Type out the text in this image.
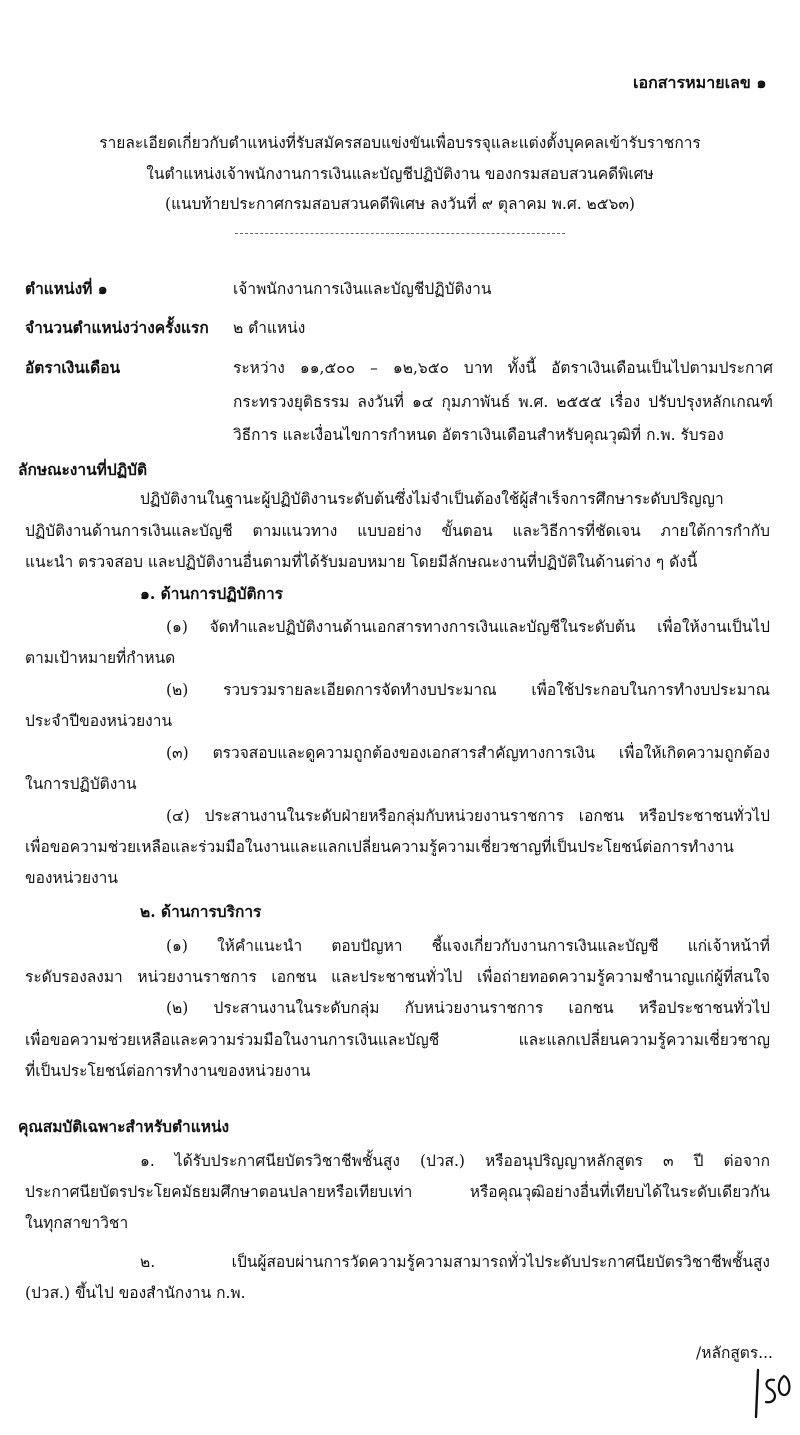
เอกสารหมายเลข ๑
รายละเอียดเกี่ยวกับตำแหน่งที่รับสมัครสอบแข่งขันเพื่อบรรจุและแต่งตั้งบุคคลเข้ารับราชการ
ในตำแหน่งเจ้าพนักงานการเงินและบัญชีปฏิบัติงาน ของกรมสอบสวนคดีพิเศษ
(แนบท้ายประกาศกรมสอบสวนคดีพิเศษ ลงวันที่ ๙ ตุลาคม พ.ศ. ๒๕๖๓)
ตำแหน่งที่ ๑	เจ้าพนักงานการเงินและบัญชีปฏิบัติงาน
จำนวนตำแหน่งว่างครั้งแรก ๒ ตำแหน่ง
อัตราเงินเดือน	ระหว่าง ๑๑,๕๐๐ – ๑๒,๖๕๐ บาท ทั้งนี้ อัตราเงินเดือนเป็นไปตามประกาศ
กระทรวงยุติธรรม ลงวันที่ ๑๔ กุมภาพันธ์ พ.ศ. ๒๕๕๕ เรื่อง ปรับปรุงหลักเกณฑ์
วิธีการ และเงื่อนไขการกำหนด อัตราเงินเดือนสำหรับคุณวุฒิที่ ก.พ. รับรอง
ลักษณะงานที่ปฏิบัติ
ปฏิบัติงานในฐานะผู้ปฏิบัติงานระดับต้นซึ่งไม่จำเป็นต้องใช้ผู้สำเร็จการศึกษาระดับปริญญา
ปฏิบัติงานด้านการเงินและบัญชี ตามแนวทาง แบบอย่าง ขั้นตอน และวิธีการที่ชัดเจน ภายใต้การกำกับ
แนะนำ ตรวจสอบ และปฏิบัติงานอื่นตามที่ได้รับมอบหมาย โดยมีลักษณะงานที่ปฏิบัติในด้านต่าง ๆ ดังนี้
๑. ด้านการปฏิบัติการ
(๑) จัดทำและปฏิบัติงานด้านเอกสารทางการเงินและบัญชีในระดับต้น เพื่อให้งานเป็นไป
ตามเป้าหมายที่กำหนด
(๒) รวบรวมรายละเอียดการจัดทำงบประมาณ เพื่อใช้ประกอบในการทำงบประมาณ
ประจำปีของหน่วยงาน
(๓) ตรวจสอบและดูความถูกต้องของเอกสารสำคัญทางการเงิน เพื่อให้เกิดความถูกต้อง
ในการปฏิบัติงาน
(๔) ประสานงานในระดับฝ่ายหรือกลุ่มกับหน่วยงานราชการ เอกชน หรือประชาชนทั่วไป
เพื่อขอความช่วยเหลือและร่วมมือในงานและแลกเปลี่ยนความรู้ความเชี่ยวชาญที่เป็นประโยชน์ต่อการทำงาน
ของหน่วยงาน
๒. ด้านการบริการ
(๑) ให้คำแนะนำ ตอบปัญหา ชี้แจงเกี่ยวกับงานการเงินและบัญชี แก่เจ้าหน้าที่
ระดับรองลงมา หน่วยงานราชการ เอกชน และประชาชนทั่วไป เพื่อถ่ายทอดความรู้ความชำนาญแก่ผู้ที่สนใจ
(๒) ประสานงานในระดับกลุ่ม กับหน่วยงานราชการ เอกชน หรือประชาชนทั่วไป
เพื่อขอความช่วยเหลือและความร่วมมือในงานการเงินและบัญชี และแลกเปลี่ยนความรู้ความเชี่ยวชาญ
ที่เป็นประโยชน์ต่อการทำงานของหน่วยงาน
คุณสมบัติเฉพาะสำหรับตำแหน่ง
๑. ได้รับประกาศนียบัตรวิชาชีพชั้นสูง (ปวส.) หรืออนุปริญญาหลักสูตร ๓ ปี ต่อจาก
ประกาศนียบัตรประโยคมัธยมศึกษาตอนปลายหรือเทียบเท่า หรือคุณวุฒิอย่างอื่นที่เทียบได้ในระดับเดียวกัน
ในทุกสาขาวิชา
๒. เป็นผู้สอบผ่านการวัดความรู้ความสามารถทั่วไประดับประกาศนียบัตรวิชาชีพชั้นสูง
(ปวส.) ขึ้นไป ของสำนักงาน ก.พ.
/หลักสูตร...
